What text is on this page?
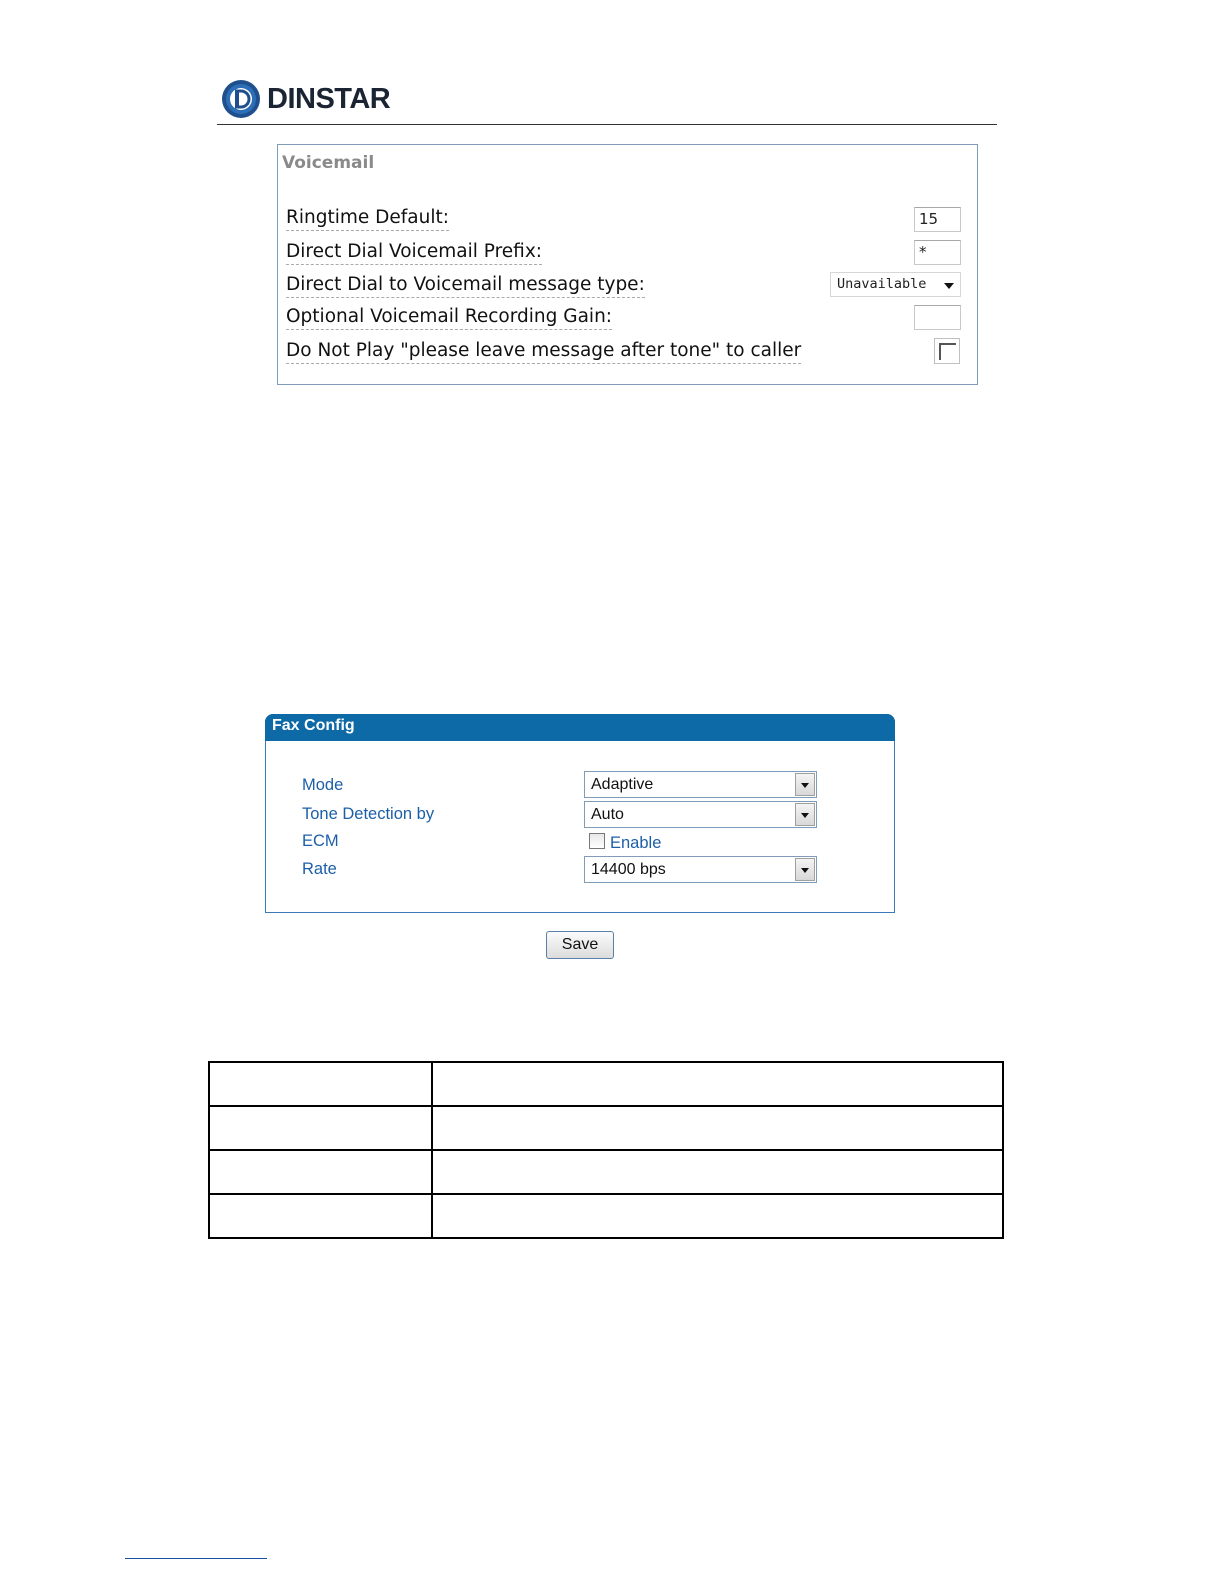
DINSTAR
Voicemail
Ringtime Default:	15
Direct Dial Voicemail Prefix:	*
Direct Dial to Voicemail message type:	Unavailable
Optional Voicemail Recording Gain:
Do Not Play "please leave message after tone" to caller
Fax Config
Mode	Adaptive
Tone Detection by	Auto
ECM	Enable
Rate	14400 bps
Save
